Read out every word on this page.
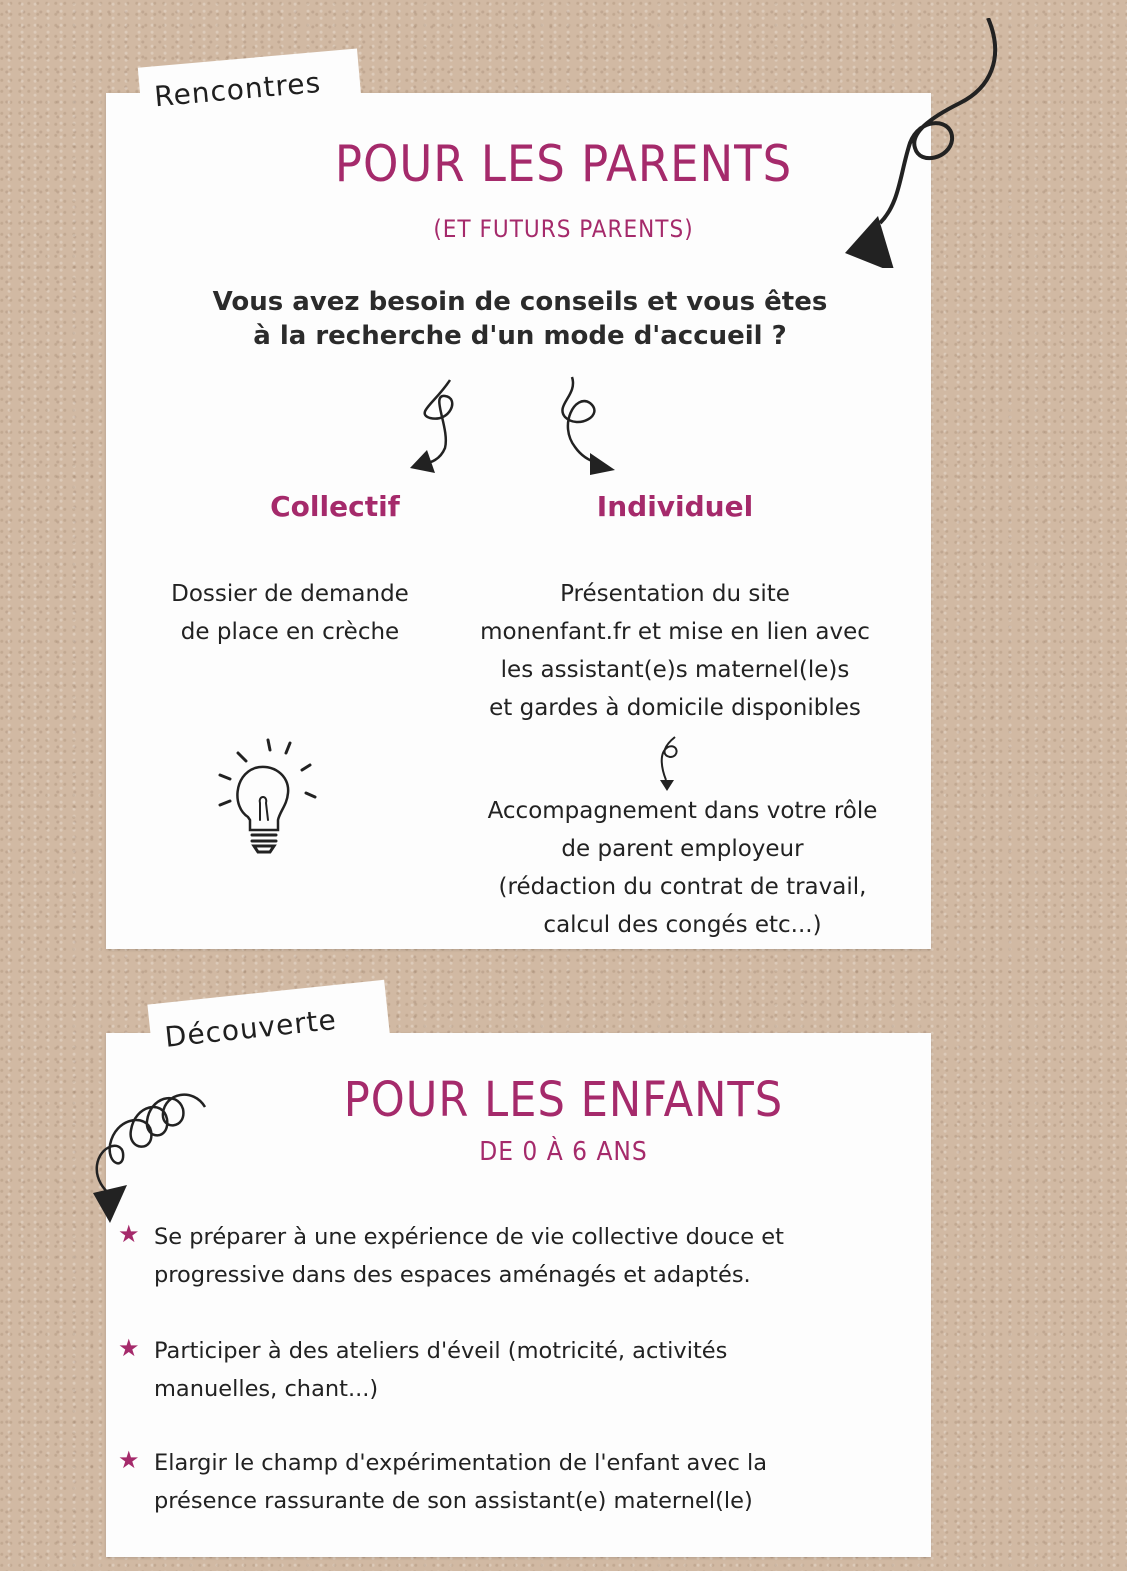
Rencontres
POUR LES PARENTS
(ET FUTURS PARENTS)
Vous avez besoin de conseils et vous êtes
à la recherche d'un mode d'accueil ?
Collectif	Individuel
Dossier de demande
de place en crèche
Présentation du site
monenfant.fr et mise en lien avec
les assistant(e)s maternel(le)s
et gardes à domicile disponibles
Accompagnement dans votre rôle
de parent employeur
(rédaction du contrat de travail,
calcul des congés etc...)
Découverte
POUR LES ENFANTS
DE 0 À 6 ANS
★ Se préparer à une expérience de vie collective douce et
progressive dans des espaces aménagés et adaptés.
★ Participer à des ateliers d'éveil (motricité, activités
manuelles, chant...)
★ Elargir le champ d'expérimentation de l'enfant avec la
présence rassurante de son assistant(e) maternel(le)
